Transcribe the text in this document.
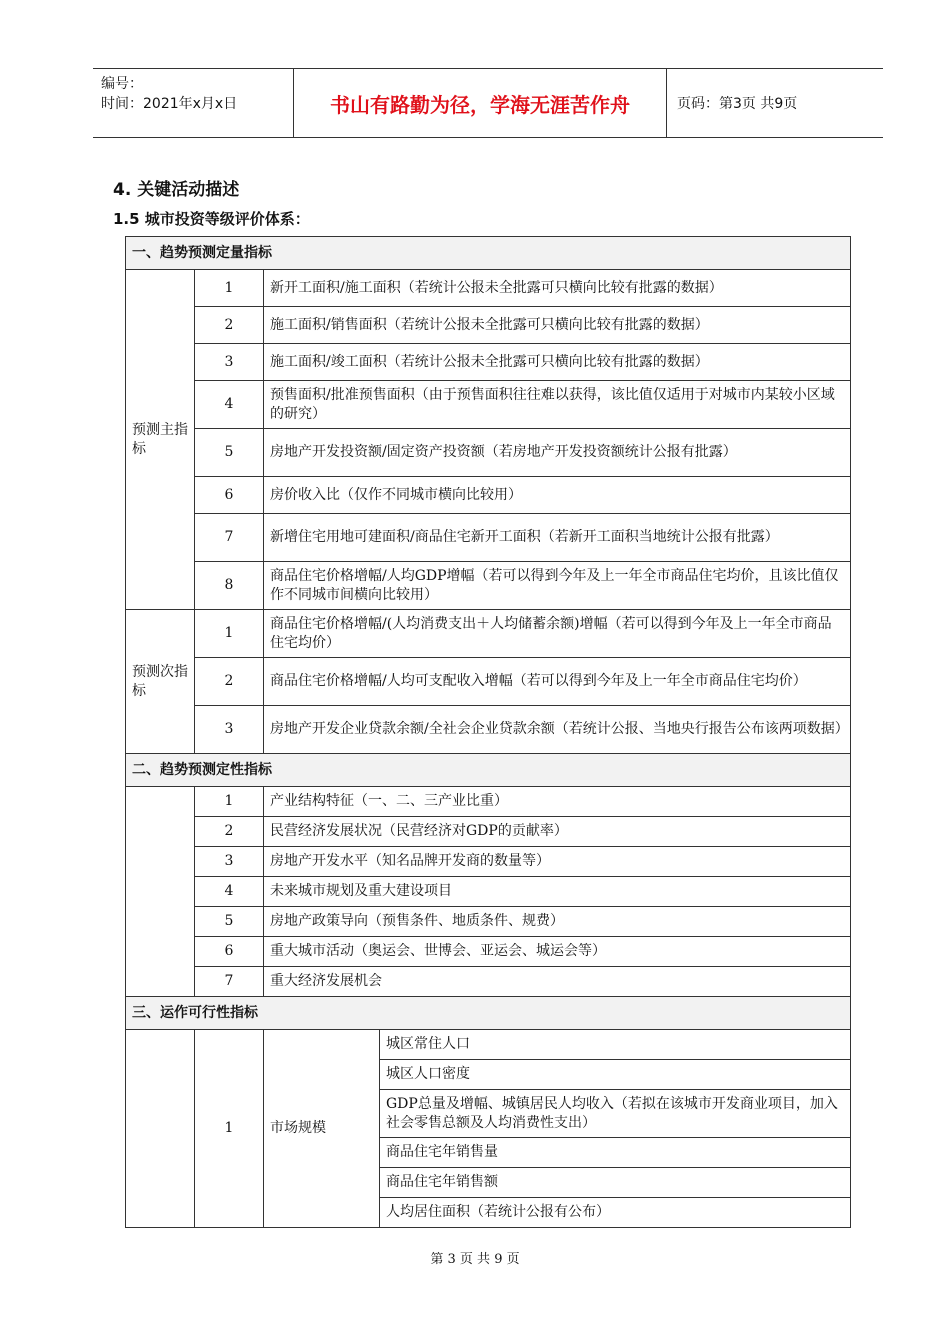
编号：
时间：2021年x月x日	书山有路勤为径，学海无涯苦作舟	页码：第3页 共9页
4. 关键活动描述
1.5 城市投资等级评价体系：
一、趋势预测定量指标			
预测主指标	1	新开工面积/施工面积（若统计公报未全批露可只横向比较有批露的数据）	
	2	施工面积/销售面积（若统计公报未全批露可只横向比较有批露的数据）	
	3	施工面积/竣工面积（若统计公报未全批露可只横向比较有批露的数据）	
	4	预售面积/批准预售面积（由于预售面积往往难以获得，该比值仅适用于对城市内某较小区域的研究）	
	5	房地产开发投资额/固定资产投资额（若房地产开发投资额统计公报有批露）	
	6	房价收入比（仅作不同城市横向比较用）	
	7	新增住宅用地可建面积/商品住宅新开工面积（若新开工面积当地统计公报有批露）	
	8	商品住宅价格增幅/人均GDP增幅（若可以得到今年及上一年全市商品住宅均价，且该比值仅作不同城市间横向比较用）	
预测次指标	1	商品住宅价格增幅/(人均消费支出＋人均储蓄余额)增幅（若可以得到今年及上一年全市商品住宅均价）	
	2	商品住宅价格增幅/人均可支配收入增幅（若可以得到今年及上一年全市商品住宅均价）	
	3	房地产开发企业贷款余额/全社会企业贷款余额（若统计公报、当地央行报告公布该两项数据）	
二、趋势预测定性指标			
	1	产业结构特征（一、二、三产业比重）	
	2	民营经济发展状况（民营经济对GDP的贡献率）	
	3	房地产开发水平（知名品牌开发商的数量等）	
	4	未来城市规划及重大建设项目	
	5	房地产政策导向（预售条件、地质条件、规费）	
	6	重大城市活动（奥运会、世博会、亚运会、城运会等）	
	7	重大经济发展机会	
三、运作可行性指标			
	1	市场规模	城区常住人口
			城区人口密度
			GDP总量及增幅、城镇居民人均收入（若拟在该城市开发商业项目，加入社会零售总额及人均消费性支出）
			商品住宅年销售量
			商品住宅年销售额
			人均居住面积（若统计公报有公布）
第 3 页 共 9 页
